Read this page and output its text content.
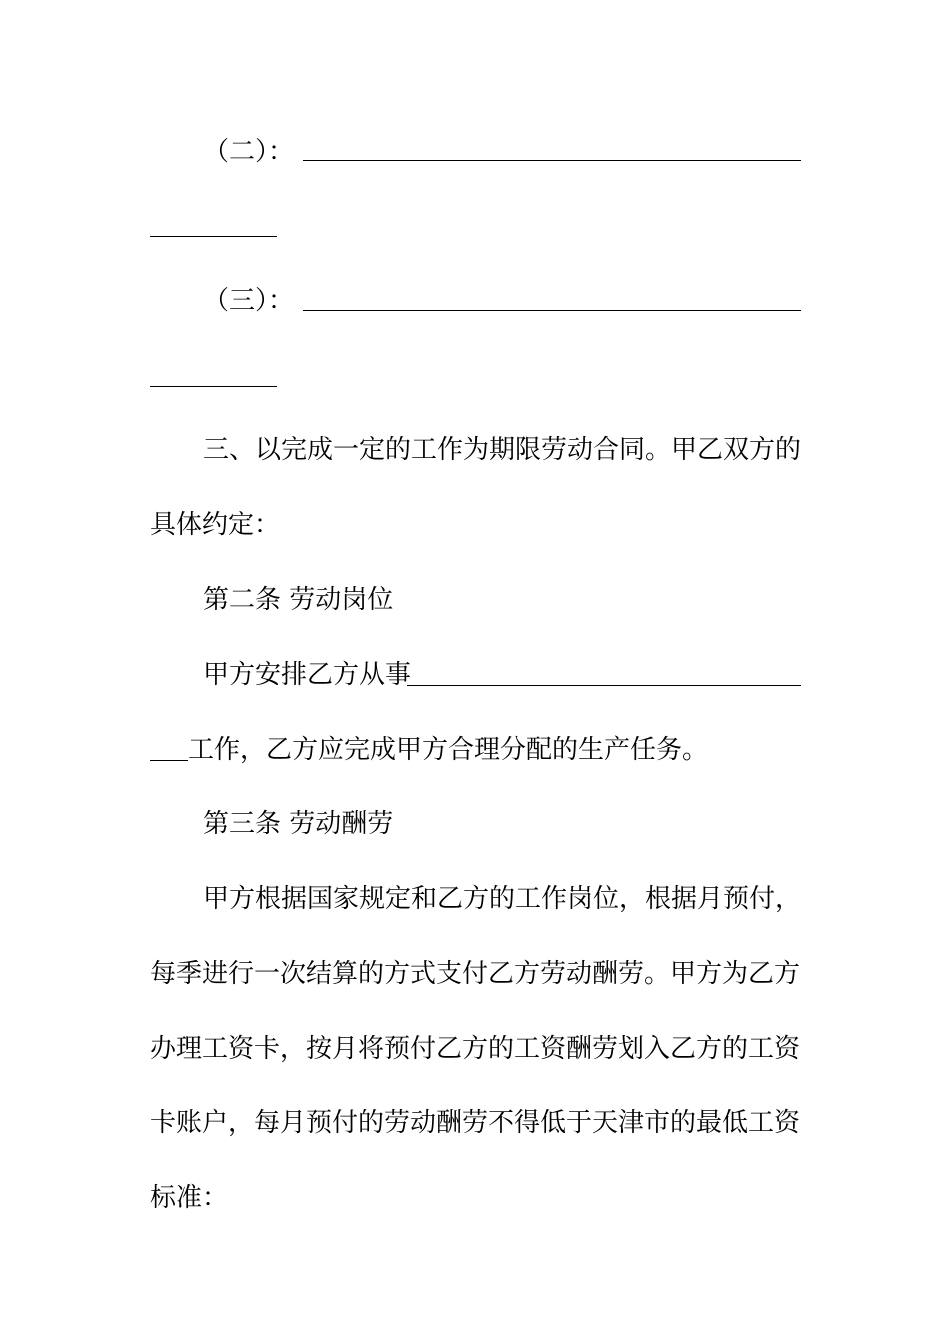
（二）：
（三）：
三、以完成一定的工作为期限劳动合同。甲乙双方的
具体约定：
第二条 劳动岗位
甲方安排乙方从事
工作，乙方应完成甲方合理分配的生产任务。
第三条 劳动酬劳
甲方根据国家规定和乙方的工作岗位，根据月预付，
每季进行一次结算的方式支付乙方劳动酬劳。甲方为乙方
办理工资卡，按月将预付乙方的工资酬劳划入乙方的工资
卡账户，每月预付的劳动酬劳不得低于天津市的最低工资
标准：
